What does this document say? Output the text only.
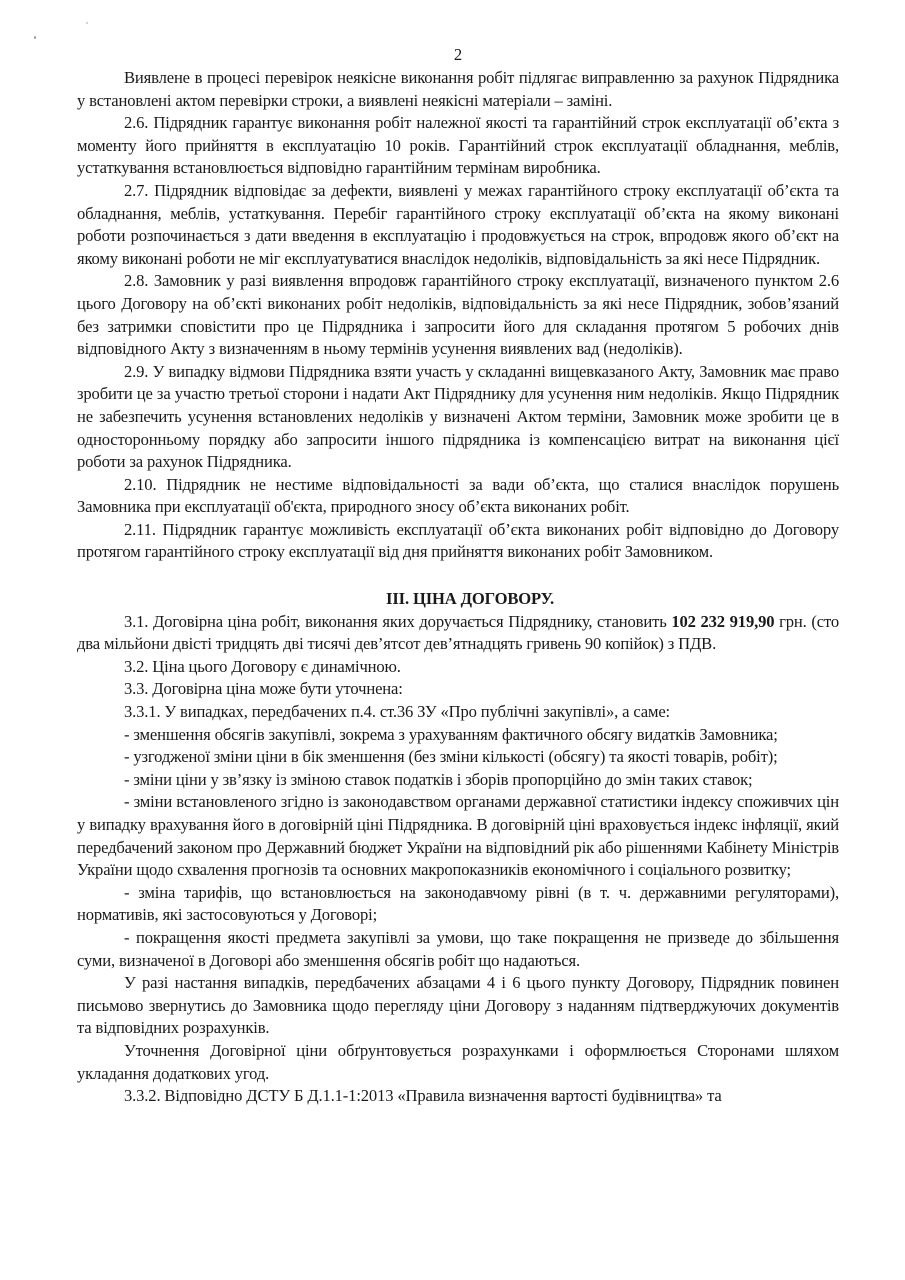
2

Виявлене в процесі перевірок неякісне виконання робіт підлягає виправленню за рахунок Підрядника у встановлені актом перевірки строки, а виявлені неякісні матеріали – заміні.

2.6. Підрядник гарантує виконання робіт належної якості та гарантійний строк експлуатації об’єкта з моменту його прийняття в експлуатацію 10 років. Гарантійний строк експлуатації обладнання, меблів, устаткування встановлюється відповідно гарантійним термінам виробника.

2.7. Підрядник відповідає за дефекти, виявлені у межах гарантійного строку експлуатації об’єкта та обладнання, меблів, устаткування. Перебіг гарантійного строку експлуатації об’єкта на якому виконані роботи розпочинається з дати введення в експлуатацію і продовжується на строк, впродовж якого об’єкт на якому виконані роботи не міг експлуатуватися внаслідок недоліків, відповідальність за які несе Підрядник.

2.8. Замовник у разі виявлення впродовж гарантійного строку експлуатації, визначеного пунктом 2.6 цього Договору на об’єкті виконаних робіт недоліків, відповідальність за які несе Підрядник, зобов’язаний без затримки сповістити про це Підрядника і запросити його для складання протягом 5 робочих днів відповідного Акту з визначенням в ньому термінів усунення виявлених вад (недоліків).

2.9. У випадку відмови Підрядника взяти участь у складанні вищевказаного Акту, Замовник має право зробити це за участю третьої сторони і надати Акт Підряднику для усунення ним недоліків. Якщо Підрядник не забезпечить усунення встановлених недоліків у визначені Актом терміни, Замовник може зробити це в односторонньому порядку або запросити іншого підрядника із компенсацією витрат на виконання цієї роботи за рахунок Підрядника.

2.10. Підрядник не нестиме відповідальності за вади об’єкта, що сталися внаслідок порушень Замовника при експлуатації об'єкта, природного зносу об’єкта виконаних робіт.

2.11. Підрядник гарантує можливість експлуатації об’єкта виконаних робіт відповідно до Договору протягом гарантійного строку експлуатації від дня прийняття виконаних робіт Замовником.

ІІІ. ЦІНА ДОГОВОРУ.

3.1. Договірна ціна робіт, виконання яких доручається Підряднику, становить 102 232 919,90 грн. (сто два мільйони двісті тридцять дві тисячі дев’ятсот дев’ятнадцять гривень 90 копійок) з ПДВ.

3.2. Ціна цього Договору є динамічною.

3.3. Договірна ціна може бути уточнена:

3.3.1. У випадках, передбачених п.4. ст.36 ЗУ «Про публічні закупівлі», а саме:

- зменшення обсягів закупівлі, зокрема з урахуванням фактичного обсягу видатків Замовника;

- узгодженої зміни ціни в бік зменшення (без зміни кількості (обсягу) та якості товарів, робіт);

- зміни ціни у зв’язку із зміною ставок податків і зборів пропорційно до змін таких ставок;

- зміни встановленого згідно із законодавством органами державної статистики індексу споживчих цін у випадку врахування його в договірній ціні Підрядника. В договірній ціні враховується індекс інфляції, який передбачений законом про Державний бюджет України на відповідний рік або рішеннями Кабінету Міністрів України щодо схвалення прогнозів та основних макропоказників економічного і соціального розвитку;

- зміна тарифів, що встановлюється на законодавчому рівні (в т. ч. державними регуляторами), нормативів, які застосовуються у Договорі;

- покращення якості предмета закупівлі за умови, що таке покращення не призведе до збільшення суми, визначеної в Договорі або зменшення обсягів робіт що надаються.

У разі настання випадків, передбачених абзацами 4 і 6 цього пункту Договору, Підрядник повинен письмово звернутись до Замовника щодо перегляду ціни Договору з наданням підтверджуючих документів та відповідних розрахунків.

Уточнення Договірної ціни обґрунтовується розрахунками і оформлюється Сторонами шляхом укладання додаткових угод.

3.3.2. Відповідно ДСТУ Б Д.1.1-1:2013 «Правила визначення вартості будівництва» та
